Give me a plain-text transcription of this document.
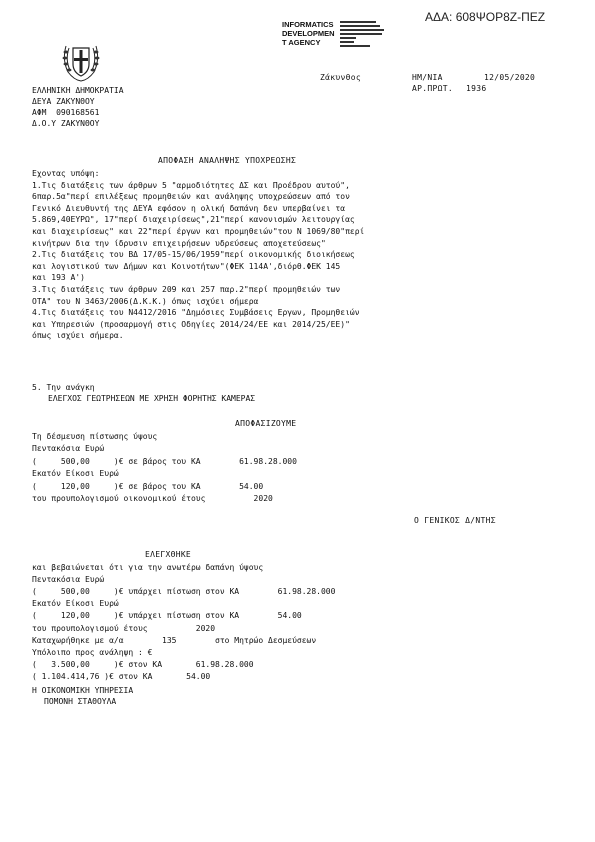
ΑΔΑ: 608ΨΟΡ8Ζ-ΠΕΖ
INFORMATICS
DEVELOPMEN
T AGENCY
ΕΛΛΗΝΙΚΗ ΔΗΜΟΚΡΑΤΙΑ
ΔΕΥΑ ΖΑΚΥΝΘΟΥ
ΑΦΜ  090168561
Δ.Ο.Υ ΖΑΚΥΝΘΟΥ
Ζάκυνθος	ΗΜ/ΝΙΑ	12/05/2020
ΑΡ.ΠΡΩΤ. 1936
ΑΠΟΦΑΣΗ ΑΝΑΛΗΨΗΣ ΥΠΟΧΡΕΩΣΗΣ
Εχοντας υπόψη:
1.Τις διατάξεις των άρθρων 5 "αρμοδιότητες ΔΣ και Προέδρου αυτού",
6παρ.5α"περί επιλέξεως προμηθειών και ανάληψης υποχρεώσεων από τον
Γενικό Διευθυντή της ΔΕΥΑ εφόσον η ολική δαπάνη δεν υπερβαίνει τα
5.869,40ΕΥΡΩ", 17"περί διαχειρίσεως",21"περί κανονισμών λειτουργίας
και διαχειρίσεως" και 22"περί έργων και προμηθειών"του Ν 1069/80"περί
κινήτρων δια την ίδρυσιν επιχειρήσεων υδρεύσεως αποχετεύσεως"
2.Τις διατάξεις του ΒΔ 17/05-15/06/1959"περί οικονομικής διοικήσεως
και λογιστικού των Δήμων και Κοινοτήτων"(ΦΕΚ 114Α',διόρθ.ΦΕΚ 145
και 193 Α')
3.Τις διατάξεις των άρθρων 209 και 257 παρ.2"περί προμηθειών των
ΟΤΑ" του Ν 3463/2006(Δ.Κ.Κ.) όπως ισχύει σήμερα
4.Τις διατάξεις του Ν4412/2016 "Δημόσιες Συμβάσεις Εργων, Προμηθειών
και Υπηρεσιών (προσαρμογή στις Οδηγίες 2014/24/ΕΕ και 2014/25/ΕΕ)"
όπως ισχύει σήμερα.
5. Την ανάγκη
ΕΛΕΓΧΟΣ ΓΕΩΤΡΗΣΕΩΝ ΜΕ ΧΡΗΣΗ ΦΟΡΗΤΗΣ ΚΑΜΕΡΑΣ
ΑΠΟΦΑΣΙΖΟΥΜΕ
Τη δέσμευση πίστωσης ύψους
Πεντακόσια Ευρώ
(     500,00     )€ σε βάρος του ΚΑ        61.98.28.000
Εκατόν Είκοσι Ευρώ
(     120,00     )€ σε βάρος του ΚΑ        54.00
του προυπολογισμού οικονομικού έτους          2020
Ο ΓΕΝΙΚΟΣ Δ/ΝΤΗΣ
ΕΛΕΓΧΘΗΚΕ
και βεβαιώνεται ότι για την ανωτέρω δαπάνη ύψους
Πεντακόσια Ευρώ
(     500,00     )€ υπάρχει πίστωση στον ΚΑ        61.98.28.000
Εκατόν Είκοσι Ευρώ
(     120,00     )€ υπάρχει πίστωση στον ΚΑ        54.00
του προυπολογισμού έτους          2020
Καταχωρήθηκε με α/α        135        στο Μητρώο Δεσμεύσεων
Υπόλοιπο προς ανάληψη : €
(   3.500,00     )€ στον ΚΑ       61.98.28.000
( 1.104.414,76 )€ στον ΚΑ       54.00
Η ΟΙΚΟΝΟΜΙΚΗ ΥΠΗΡΕΣΙΑ
ΠΟΜΟΝΗ ΣΤΑΘΟΥΛΑ
